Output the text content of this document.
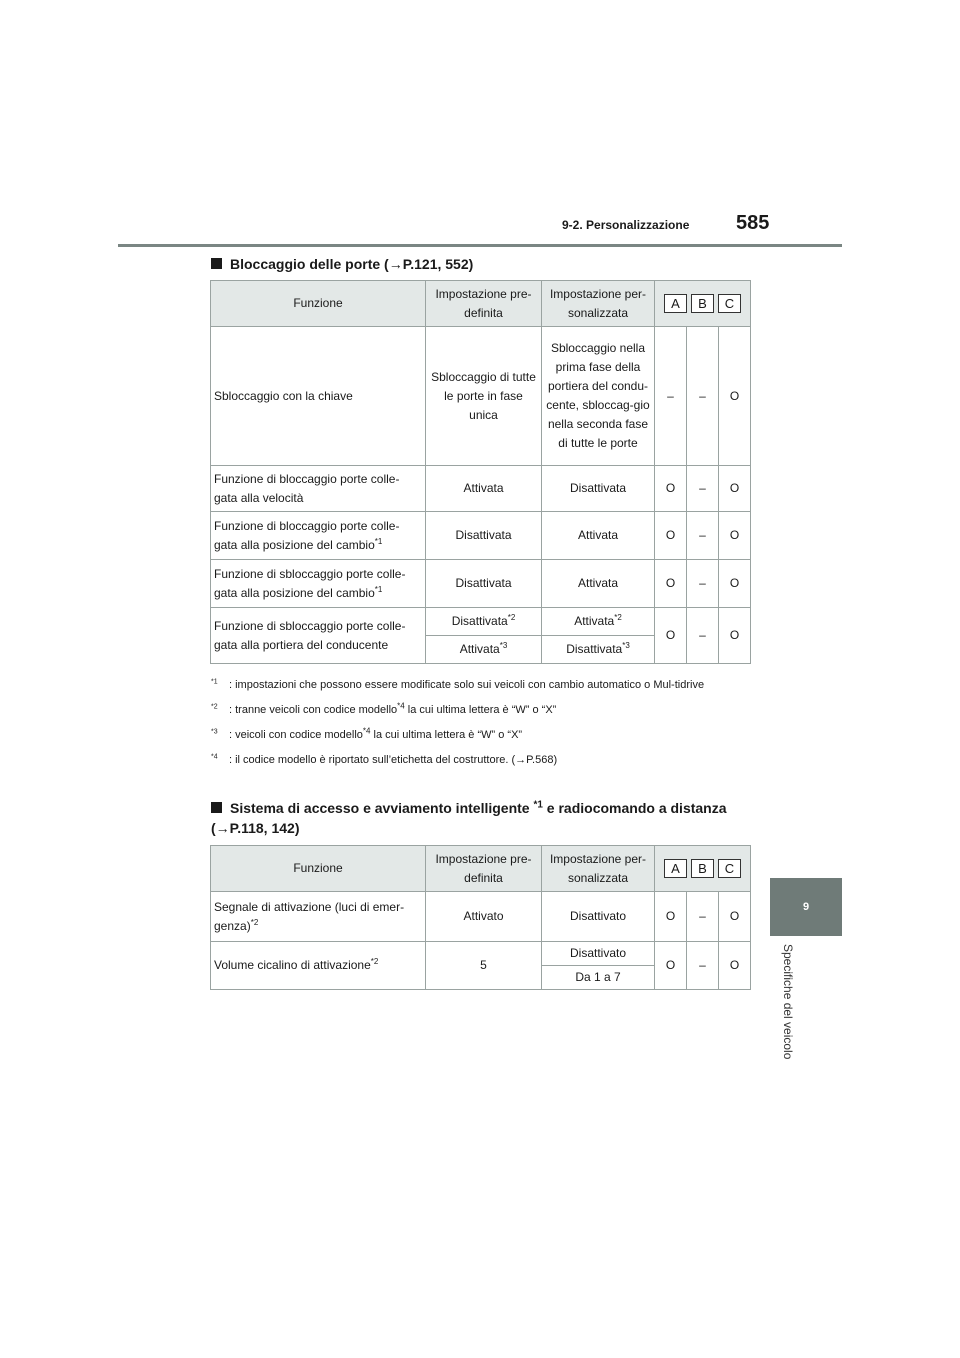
9-2. Personalizzazione 585
9
Specifiche del veicolo
Bloccaggio delle porte (→P.121, 552)
Funzione	Impostazione pre-definita	Impostazione per-sonalizzata	A B C		

Sbloccaggio con la chiave	Sbloccaggio di tutte le porte in fase unica	Sbloccaggio nella prima fase della portiera del condu-cente, sbloccag-gio nella seconda fase di tutte le porte	–	–	O
Funzione di bloccaggio porte colle-gata alla velocità	Attivata	Disattivata	O	–	O
Funzione di bloccaggio porte colle-gata alla posizione del cambio$^{*1}$	Disattivata	Attivata	O	–	O
Funzione di sbloccaggio porte colle-gata alla posizione del cambio$^{*1}$	Disattivata	Attivata	O	–	O
Funzione di sbloccaggio porte colle-gata alla portiera del conducente	Disattivata$^{*2}$	Attivata$^{*2}$	O	–	O
	Attivata$^{*3}$	Disattivata$^{*3}$
$^{*1}$	: impostazioni che possono essere modificate solo sui veicoli con cambio automatico o Mul-tidrive
$^{*2}$	: tranne veicoli con codice modello$^{*4}$ la cui ultima lettera è “W” o “X”
$^{*3}$	: veicoli con codice modello$^{*4}$ la cui ultima lettera è “W” o “X”
$^{*4}$	: il codice modello è riportato sull’etichetta del costruttore. (→P.568)
Sistema di accesso e avviamento intelligente $^{*1}$ e radiocomando a distanza
(→P.118, 142)
Funzione	Impostazione pre-definita	Impostazione per-sonalizzata	A B C		

Segnale di attivazione (luci di emer-genza)$^{*2}$	Attivato	Disattivato	O	–	O
Volume cicalino di attivazione$^{*2}$	5	Disattivato	O	–	O
		Da 1 a 7			
